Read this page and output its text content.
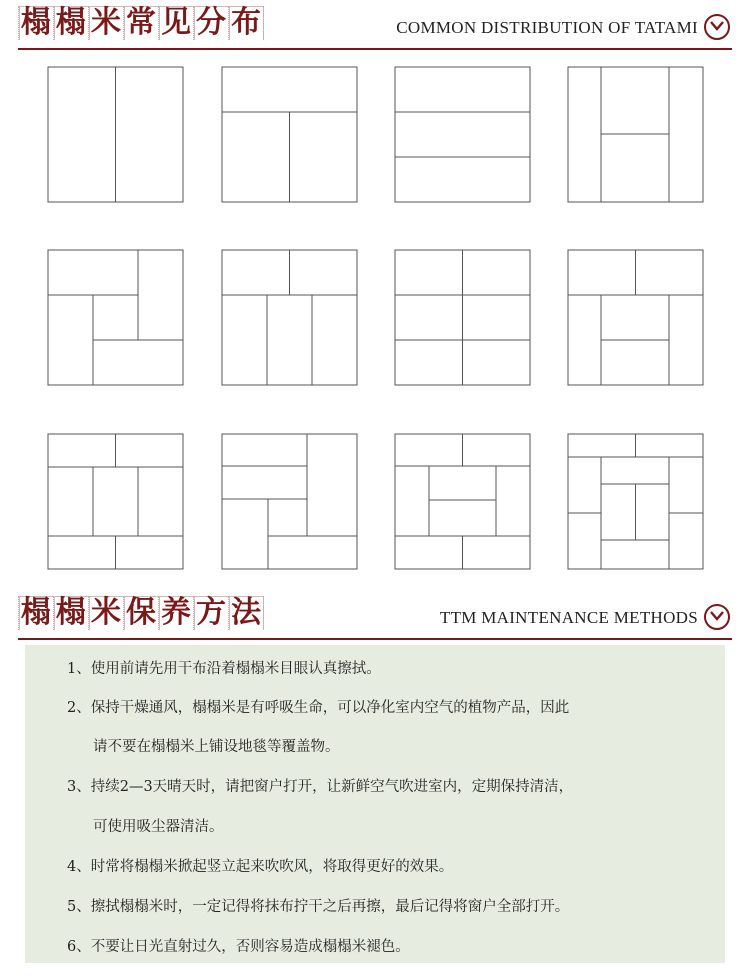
榻 榻 米 常 见 分 布	COMMON DISTRIBUTION OF TATAMI
榻 榻 米 保 养 方 法	TTM MAINTENANCE METHODS
1、使用前请先用干布沿着榻榻米目眼认真擦拭。
2、保持干燥通风，榻榻米是有呼吸生命，可以净化室内空气的植物产品，因此
请不要在榻榻米上铺设地毯等覆盖物。
3、持续2—3天晴天时，请把窗户打开，让新鲜空气吹进室内，定期保持清洁，
可使用吸尘器清洁。
4、时常将榻榻米掀起竖立起来吹吹风，将取得更好的效果。
5、擦拭榻榻米时，一定记得将抹布拧干之后再擦，最后记得将窗户全部打开。
6、不要让日光直射过久，否则容易造成榻榻米褪色。
